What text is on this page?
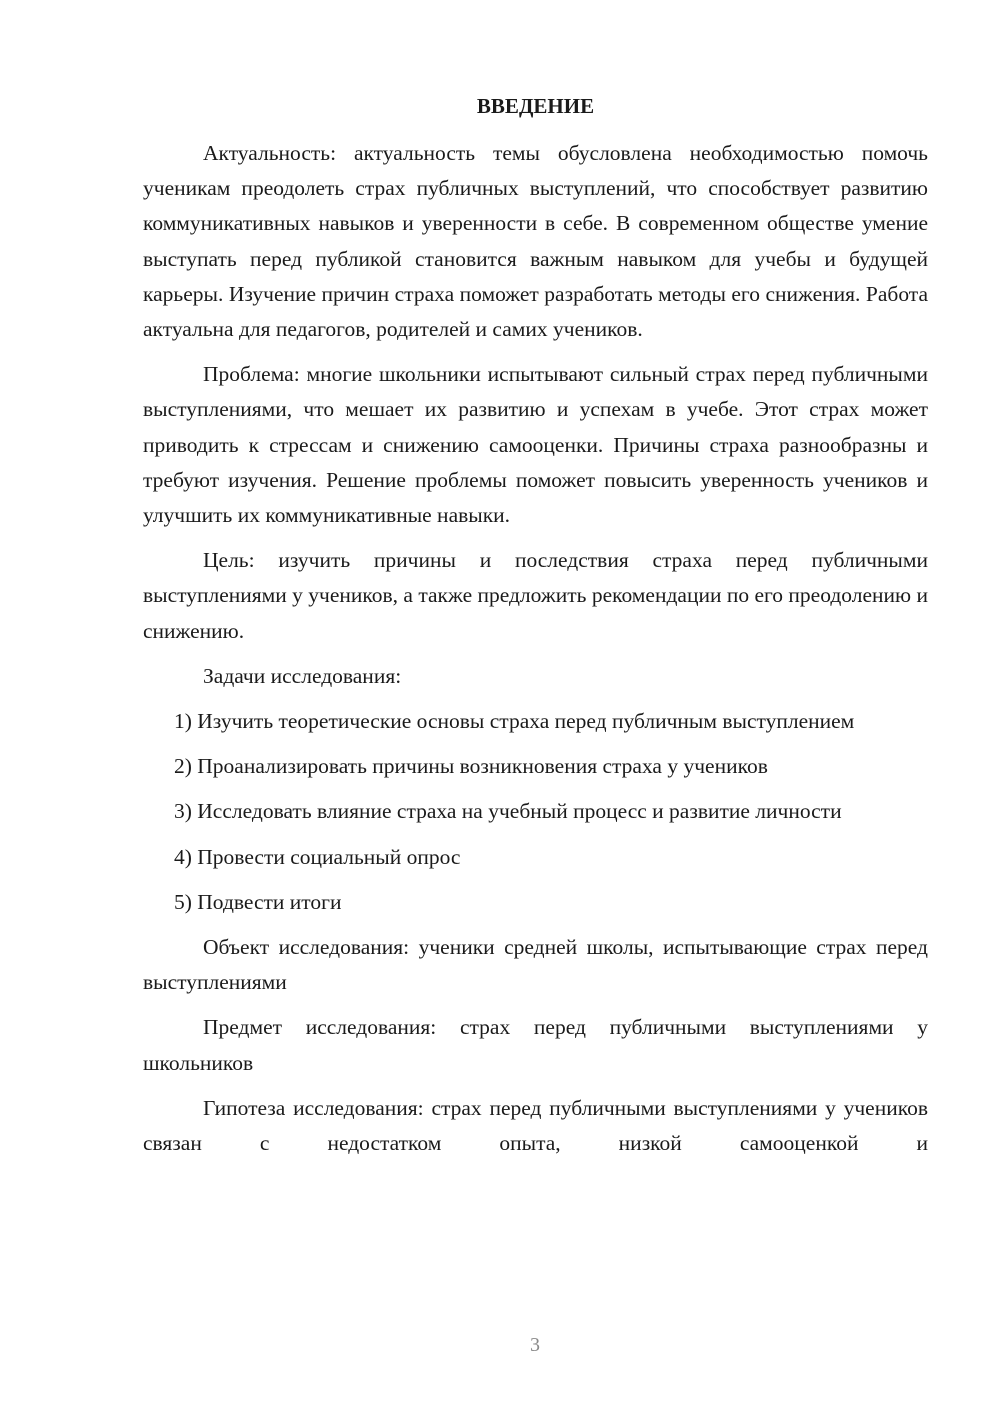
ВВЕДЕНИЕ

Актуальность: актуальность темы обусловлена необходимостью помочь ученикам преодолеть страх публичных выступлений, что способствует развитию коммуникативных навыков и уверенности в себе. В современном обществе умение выступать перед публикой становится важным навыком для учебы и будущей карьеры. Изучение причин страха поможет разработать методы его снижения. Работа актуальна для педагогов, родителей и самих учеников.

Проблема: многие школьники испытывают сильный страх перед публичными выступлениями, что мешает их развитию и успехам в учебе. Этот страх может приводить к стрессам и снижению самооценки. Причины страха разнообразны и требуют изучения. Решение проблемы поможет повысить уверенность учеников и улучшить их коммуникативные навыки.

Цель: изучить причины и последствия страха перед публичными выступлениями у учеников, а также предложить рекомендации по его преодолению и снижению.

Задачи исследования:

1) Изучить теоретические основы страха перед публичным выступлением

2) Проанализировать причины возникновения страха у учеников

3) Исследовать влияние страха на учебный процесс и развитие личности

4) Провести социальный опрос

5) Подвести итоги

Объект исследования: ученики средней школы, испытывающие страх перед выступлениями

Предмет исследования: страх перед публичными выступлениями у школьников

Гипотеза исследования: страх перед публичными выступлениями у учеников связан с недостатком опыта, низкой самооценкой и

3
